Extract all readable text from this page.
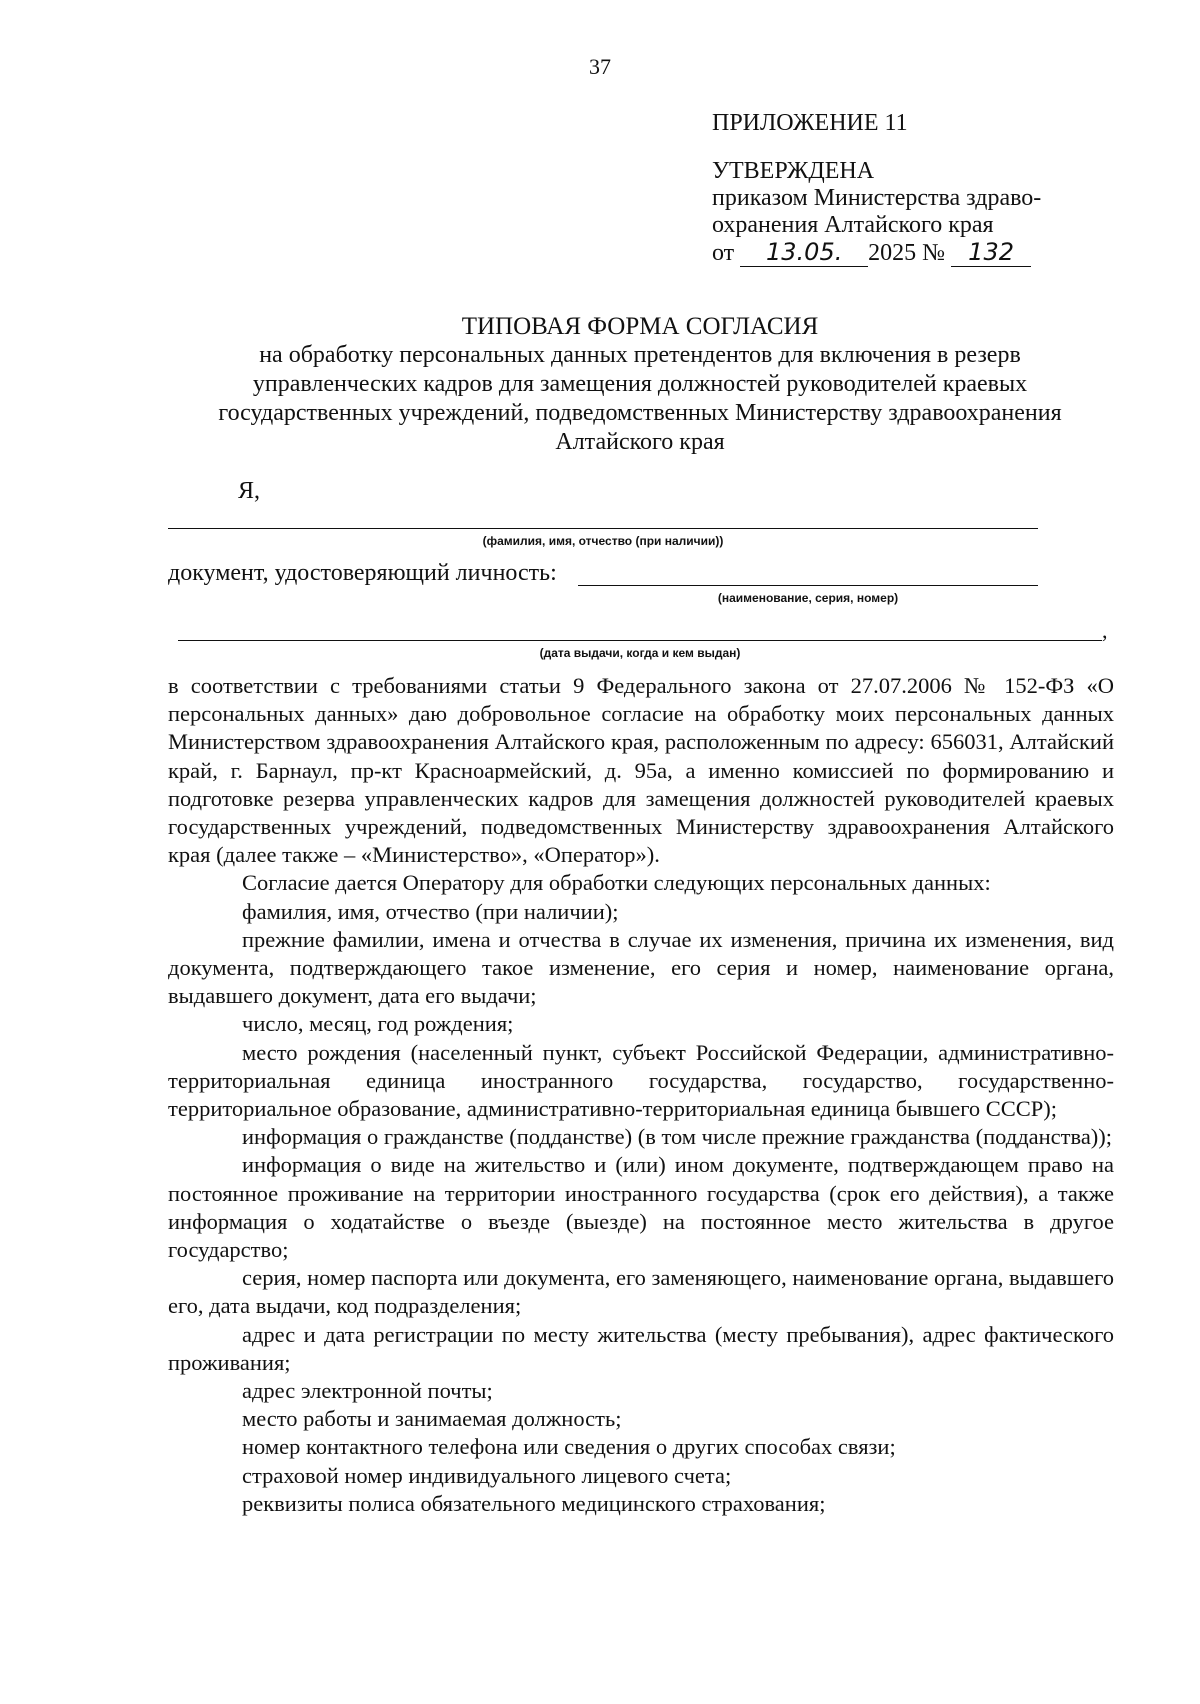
37
ПРИЛОЖЕНИЕ 11
УТВЕРЖДЕНА
приказом Министерства здраво-
охранения Алтайского края
от 13.05. 2025 № 132
ТИПОВАЯ ФОРМА СОГЛАСИЯ
на обработку персональных данных претендентов для включения в резерв
управленческих кадров для замещения должностей руководителей краевых
государственных учреждений, подведомственных Министерству здравоохранения
Алтайского края
Я,
(фамилия, имя, отчество (при наличии))
документ, удостоверяющий личность:
(наименование, серия, номер)
,
(дата выдачи, когда и кем выдан)

в соответствии с требованиями статьи 9 Федерального закона от 27.07.2006 № 152-ФЗ «О персональных данных» даю добровольное согласие на обработку моих персональных данных Министерством здравоохранения Алтайского края, расположенным по адресу: 656031, Алтайский край, г. Барнаул, пр-кт Красноармейский, д. 95а, а именно комиссией по формированию и подготовке резерва управленческих кадров для замещения должностей руководителей краевых государственных учреждений, подведомственных Министерству здравоохранения Алтайского края (далее также – «Министерство», «Оператор»).

Согласие дается Оператору для обработки следующих персональных данных:

фамилия, имя, отчество (при наличии);

прежние фамилии, имена и отчества в случае их изменения, причина их изменения, вид документа, подтверждающего такое изменение, его серия и номер, наименование органа, выдавшего документ, дата его выдачи;

число, месяц, год рождения;

место рождения (населенный пункт, субъект Российской Федерации, административно-территориальная единица иностранного государства, государство, государственно-территориальное образование, административно-территориальная единица бывшего СССР);

информация о гражданстве (подданстве) (в том числе прежние гражданства (подданства));

информация о виде на жительство и (или) ином документе, подтверждающем право на постоянное проживание на территории иностранного государства (срок его действия), а также информация о ходатайстве о въезде (выезде) на постоянное место жительства в другое государство;

серия, номер паспорта или документа, его заменяющего, наименование органа, выдавшего его, дата выдачи, код подразделения;

адрес и дата регистрации по месту жительства (месту пребывания), адрес фактического проживания;

адрес электронной почты;

место работы и занимаемая должность;

номер контактного телефона или сведения о других способах связи;

страховой номер индивидуального лицевого счета;

реквизиты полиса обязательного медицинского страхования;
